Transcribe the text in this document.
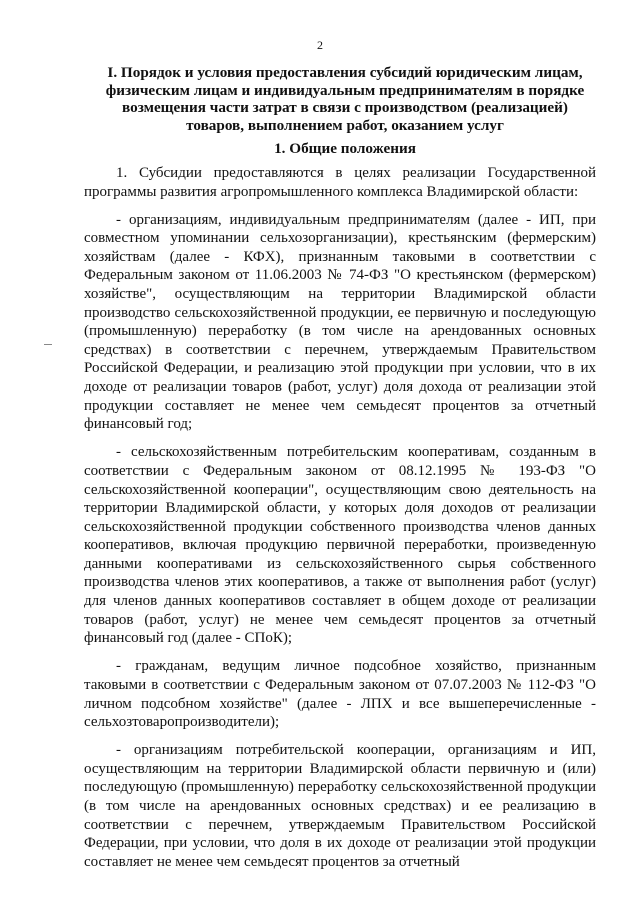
2
I. Порядок и условия предоставления субсидий юридическим лицам, физическим лицам и индивидуальным предпринимателям в порядке возмещения части затрат в связи с производством (реализацией) товаров, выполнением работ, оказанием услуг
1. Общие положения

1. Субсидии предоставляются в целях реализации Государственной программы развития агропромышленного комплекса Владимирской области:

- организациям, индивидуальным предпринимателям (далее - ИП, при совместном упоминании сельхозорганизации), крестьянским (фермерским) хозяйствам (далее - КФХ), признанным таковыми в соответствии с Федеральным законом от 11.06.2003 № 74-ФЗ "О крестьянском (фермерском) хозяйстве", осуществляющим на территории Владимирской области производство сельскохозяйственной продукции, ее первичную и последующую (промышленную) переработку (в том числе на арендованных основных средствах) в соответствии с перечнем, утверждаемым Правительством Российской Федерации, и реализацию этой продукции при условии, что в их доходе от реализации товаров (работ, услуг) доля дохода от реализации этой продукции составляет не менее чем семьдесят процентов за отчетный финансовый год;

- сельскохозяйственным потребительским кооперативам, созданным в соответствии с Федеральным законом от 08.12.1995 № 193-ФЗ "О сельскохозяйственной кооперации", осуществляющим свою деятельность на территории Владимирской области, у которых доля доходов от реализации сельскохозяйственной продукции собственного производства членов данных кооперативов, включая продукцию первичной переработки, произведенную данными кооперативами из сельскохозяйственного сырья собственного производства членов этих кооперативов, а также от выполнения работ (услуг) для членов данных кооперативов составляет в общем доходе от реализации товаров (работ, услуг) не менее чем семьдесят процентов за отчетный финансовый год (далее - СПоК);

- гражданам, ведущим личное подсобное хозяйство, признанным таковыми в соответствии с Федеральным законом от 07.07.2003 № 112-ФЗ "О личном подсобном хозяйстве" (далее - ЛПХ и все вышеперечисленные - сельхозтоваропроизводители);

- организациям потребительской кооперации, организациям и ИП, осуществляющим на территории Владимирской области первичную и (или) последующую (промышленную) переработку сельскохозяйственной продукции (в том числе на арендованных основных средствах) и ее реализацию в соответствии с перечнем, утверждаемым Правительством Российской Федерации, при условии, что доля в их доходе от реализации этой продукции составляет не менее чем семьдесят процентов за отчетный
